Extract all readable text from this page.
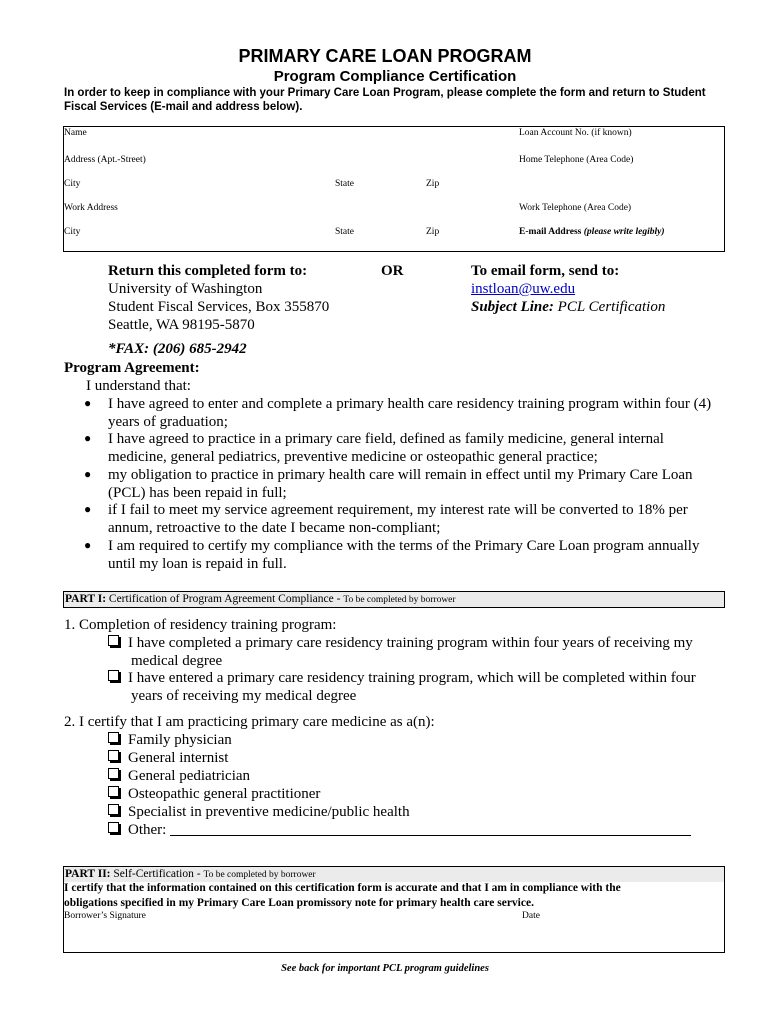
PRIMARY CARE LOAN PROGRAM
Program Compliance Certification
In order to keep in compliance with your Primary Care Loan Program, please complete the form and return to Student Fiscal Services (E-mail and address below).
Name	Loan Account No. (if known)
Address (Apt.-Street)	Home Telephone (Area Code)
City	State	Zip
Work Address	Work Telephone (Area Code)
City	State	Zip	E-mail Address (please write legibly)
Return this completed form to:
University of Washington
Student Fiscal Services, Box 355870
Seattle, WA 98195-5870
*FAX: (206) 685-2942
OR	To email form, send to:
instloan@uw.edu
Subject Line: PCL Certification
Program Agreement:
I understand that:
● I have agreed to enter and complete a primary health care residency training program within four (4)
years of graduation;
● I have agreed to practice in a primary care field, defined as family medicine, general internal
medicine, general pediatrics, preventive medicine or osteopathic general practice;
● my obligation to practice in primary health care will remain in effect until my Primary Care Loan
(PCL) has been repaid in full;
● if I fail to meet my service agreement requirement, my interest rate will be converted to 18% per
annum, retroactive to the date I became non-compliant;
● I am required to certify my compliance with the terms of the Primary Care Loan program annually
until my loan is repaid in full.
PART I: Certification of Program Agreement Compliance - To be completed by borrower
1. Completion of residency training program:
I have completed a primary care residency training program within four years of receiving my
medical degree
I have entered a primary care residency training program, which will be completed within four
years of receiving my medical degree
2. I certify that I am practicing primary care medicine as a(n):
Family physician
General internist
General pediatrician
Osteopathic general practitioner
Specialist in preventive medicine/public health
Other:
PART II: Self-Certification - To be completed by borrower
I certify that the information contained on this certification form is accurate and that I am in compliance with the
obligations specified in my Primary Care Loan promissory note for primary health care service.
Borrower’s Signature	Date
See back for important PCL program guidelines
